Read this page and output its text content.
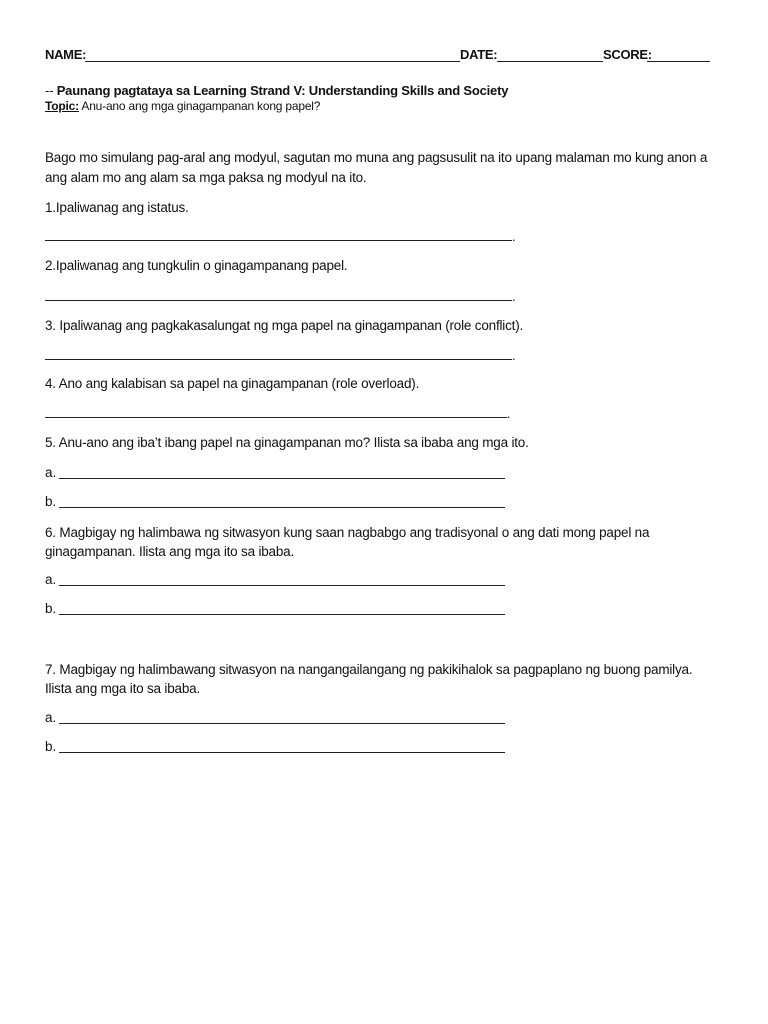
NAME:	DATE:	SCORE:
-- Paunang pagtataya sa Learning Strand V: Understanding Skills and Society
Topic: Anu-ano ang mga ginagampanan kong papel?
Bago mo simulang pag-aral ang modyul, sagutan mo muna ang pagsusulit na ito upang malaman mo kung anon a ang alam mo ang alam sa mga paksa ng modyul na ito.
1.Ipaliwanag ang istatus.
.
2.Ipaliwanag ang tungkulin o ginagampanang papel.
.
3. Ipaliwanag ang pagkakasalungat ng mga papel na ginagampanan (role conflict).
.
4. Ano ang kalabisan sa papel na ginagampanan (role overload).
.
5. Anu-ano ang iba’t ibang papel na ginagampanan mo? Ilista sa ibaba ang mga ito.
a.
b.
6. Magbigay ng halimbawa ng sitwasyon kung saan nagbabgo ang tradisyonal o ang dati mong papel na ginagampanan. Ilista ang mga ito sa ibaba.
a.
b.
7. Magbigay ng halimbawang sitwasyon na nangangailangang ng pakikihalok sa pagpaplano ng buong pamilya. Ilista ang mga ito sa ibaba.
a.
b.
